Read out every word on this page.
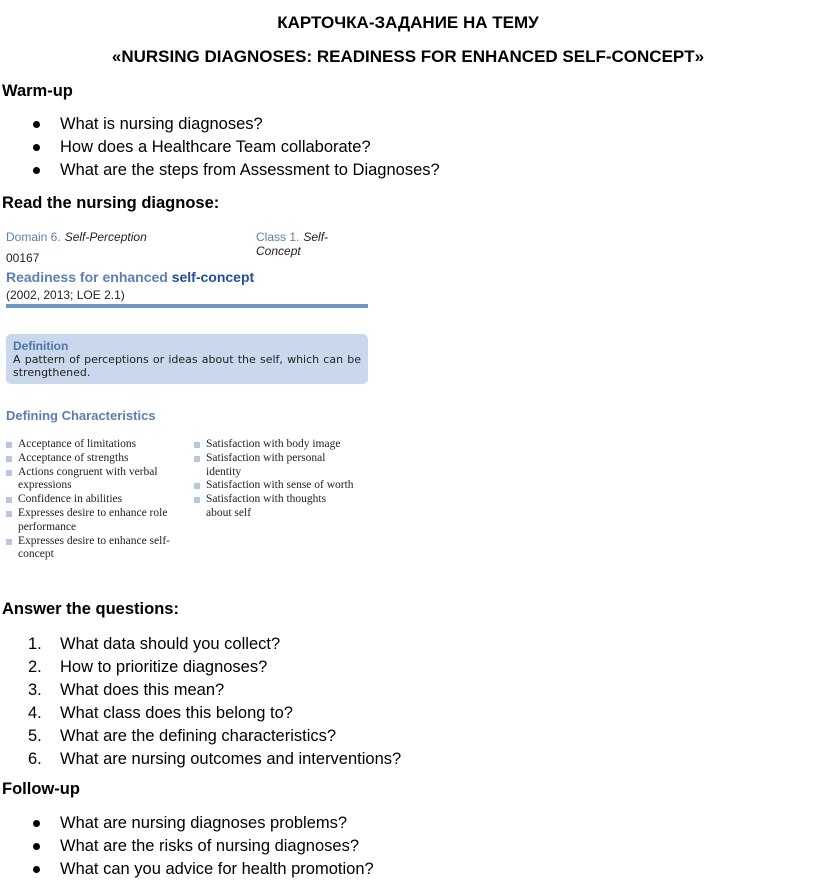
КАРТОЧКА-ЗАДАНИЕ НА ТЕМУ
«NURSING DIAGNOSES: READINESS FOR ENHANCED SELF-CONCEPT»
Warm-up
What is nursing diagnoses?
How does a Healthcare Team collaborate?
What are the steps from Assessment to Diagnoses?
Read the nursing diagnose:
Domain 6. Self-Perception	Class 1. Self-Concept
00167
Readiness for enhanced self-concept
(2002, 2013; LOE 2.1)
Definition
A pattern of perceptions or ideas about the self, which can be strengthened.
Defining Characteristics
Acceptance of limitations
Acceptance of strengths
Actions congruent with verbal expressions
Confidence in abilities
Expresses desire to enhance role performance
Expresses desire to enhance self-concept
Satisfaction with body image
Satisfaction with personal identity
Satisfaction with sense of worth
Satisfaction with thoughts about self
Answer the questions:
1.	What data should you collect?
2.	How to prioritize diagnoses?
3.	What does this mean?
4.	What class does this belong to?
5.	What are the defining characteristics?
6.	What are nursing outcomes and interventions?
Follow-up
What are nursing diagnoses problems?
What are the risks of nursing diagnoses?
What can you advice for health promotion?
